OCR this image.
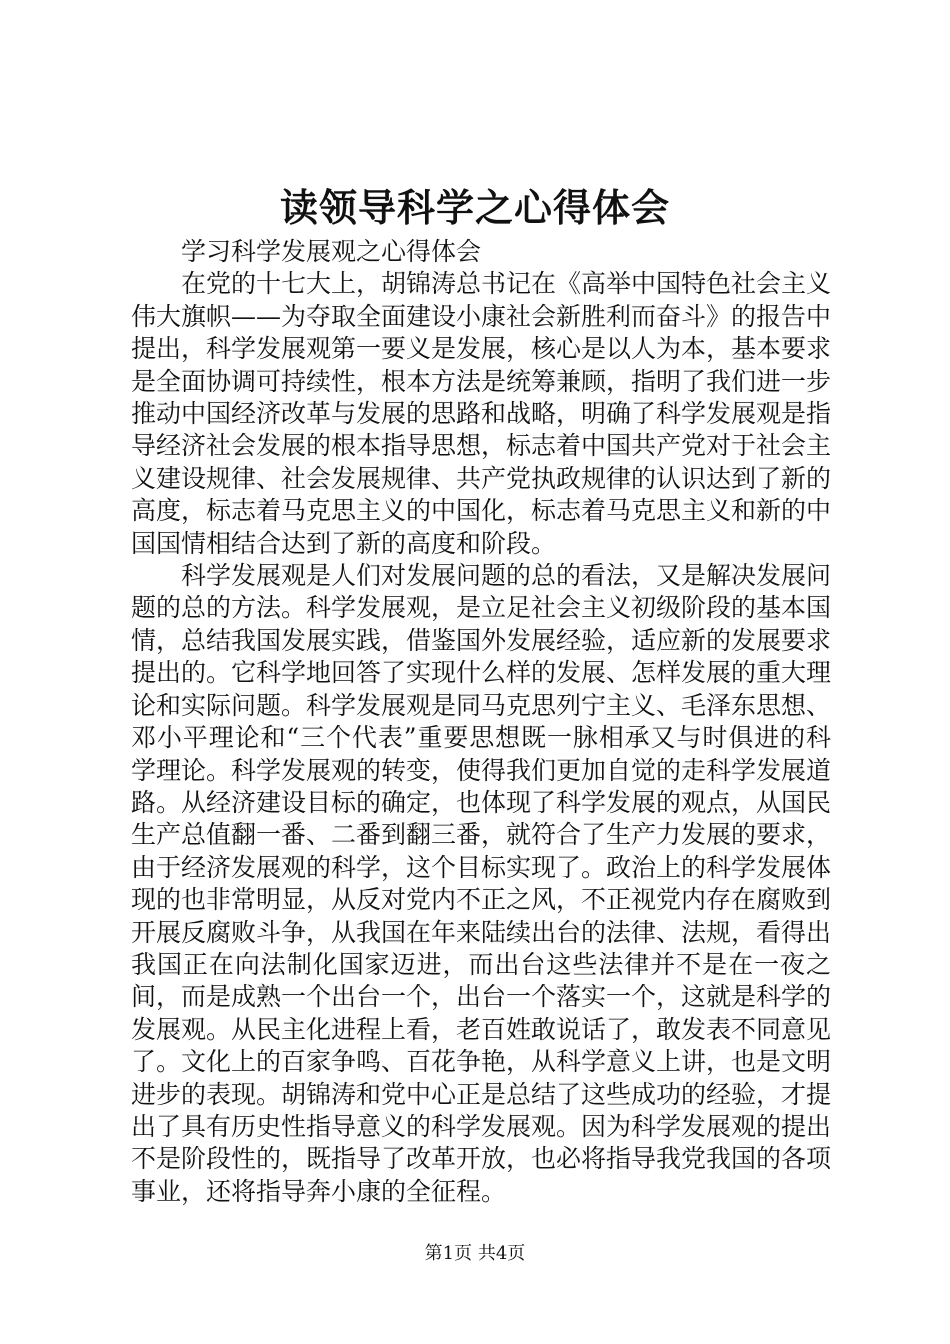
读领导科学之心得体会

学习科学发展观之心得体会

在党的十七大上，胡锦涛总书记在《高举中国特色社会主义伟大旗帜——为夺取全面建设小康社会新胜利而奋斗》的报告中提出，科学发展观第一要义是发展，核心是以人为本，基本要求是全面协调可持续性，根本方法是统筹兼顾，指明了我们进一步推动中国经济改革与发展的思路和战略，明确了科学发展观是指导经济社会发展的根本指导思想，标志着中国共产党对于社会主义建设规律、社会发展规律、共产党执政规律的认识达到了新的高度，标志着马克思主义的中国化，标志着马克思主义和新的中国国情相结合达到了新的高度和阶段。

科学发展观是人们对发展问题的总的看法，又是解决发展问题的总的方法。科学发展观，是立足社会主义初级阶段的基本国情，总结我国发展实践，借鉴国外发展经验，适应新的发展要求提出的。它科学地回答了实现什么样的发展、怎样发展的重大理论和实际问题。科学发展观是同马克思列宁主义、毛泽东思想、邓小平理论和“三个代表”重要思想既一脉相承又与时俱进的科学理论。科学发展观的转变，使得我们更加自觉的走科学发展道路。从经济建设目标的确定，也体现了科学发展的观点，从国民生产总值翻一番、二番到翻三番，就符合了生产力发展的要求，由于经济发展观的科学，这个目标实现了。政治上的科学发展体现的也非常明显，从反对党内不正之风，不正视党内存在腐败到开展反腐败斗争，从我国在年来陆续出台的法律、法规，看得出我国正在向法制化国家迈进，而出台这些法律并不是在一夜之间，而是成熟一个出台一个，出台一个落实一个，这就是科学的发展观。从民主化进程上看，老百姓敢说话了，敢发表不同意见了。文化上的百家争鸣、百花争艳，从科学意义上讲，也是文明进步的表现。胡锦涛和党中心正是总结了这些成功的经验，才提出了具有历史性指导意义的科学发展观。因为科学发展观的提出不是阶段性的，既指导了改革开放，也必将指导我党我国的各项事业，还将指导奔小康的全征程。

第1页 共4页
